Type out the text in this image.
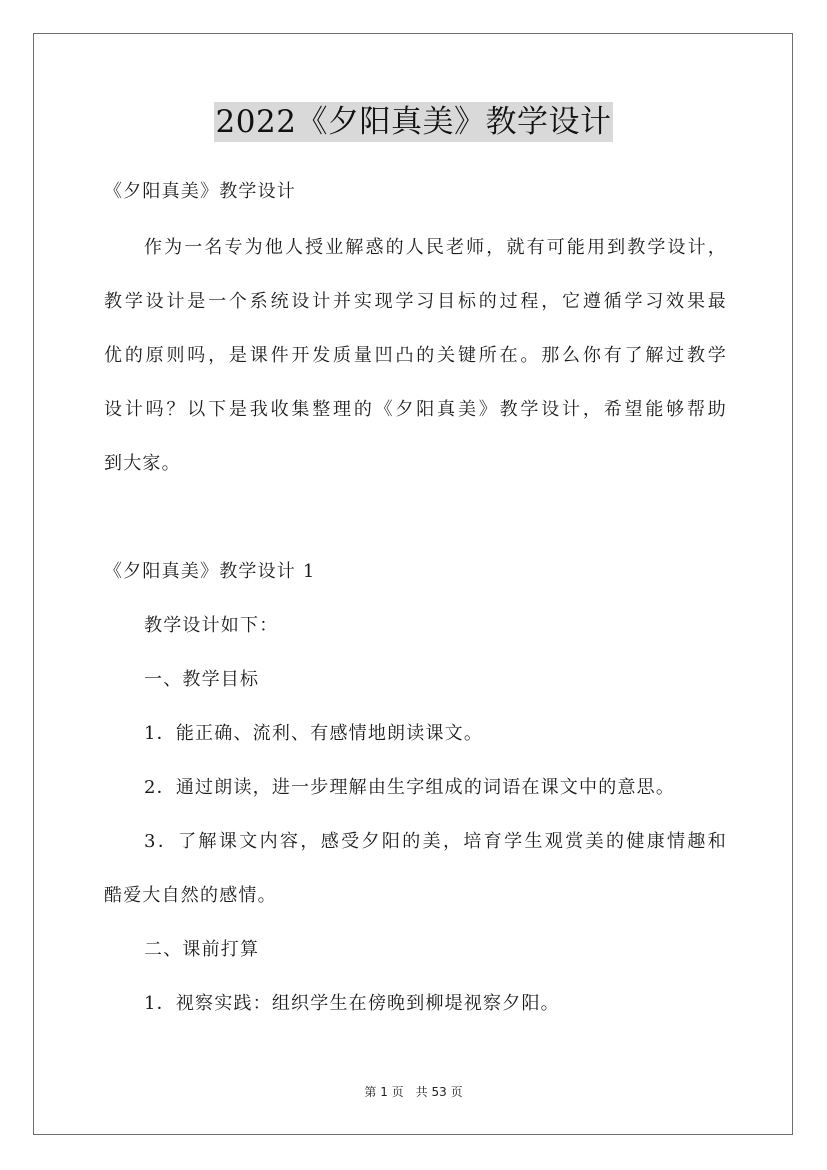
2022《夕阳真美》教学设计
《夕阳真美》教学设计
作为一名专为他人授业解惑的人民老师，就有可能用到教学设计，
教学设计是一个系统设计并实现学习目标的过程，它遵循学习效果最
优的原则吗，是课件开发质量凹凸的关键所在。那么你有了解过教学
设计吗？以下是我收集整理的《夕阳真美》教学设计，希望能够帮助
到大家。
《夕阳真美》教学设计 1
教学设计如下：
一、教学目标
1．能正确、流利、有感情地朗读课文。
2．通过朗读，进一步理解由生字组成的词语在课文中的意思。
3．了解课文内容，感受夕阳的美，培育学生观赏美的健康情趣和
酷爱大自然的感情。
二、课前打算
1．视察实践：组织学生在傍晚到柳堤视察夕阳。
第 1 页　共 53 页
